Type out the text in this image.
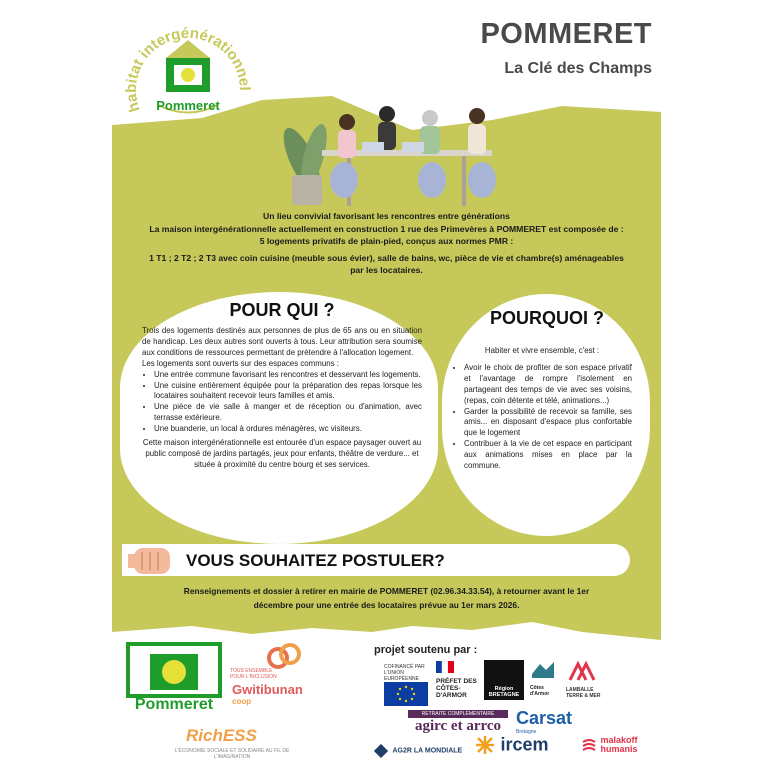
habitat intergénérationnel
Pommeret
POMMERET
La Clé des Champs
Un lieu convivial favorisant les rencontres entre générations
La maison intergénérationnelle actuellement en construction 1 rue des Primevères à POMMERET est composée de :
5 logements privatifs de plain-pied, conçus aux normes PMR :
1 T1 ; 2 T2 ; 2 T3 avec coin cuisine (meuble sous évier), salle de bains, wc, pièce de vie et chambre(s) aménageables
par les locataires.
POUR QUI ?
Trois des logements destinés aux personnes de plus de 65 ans ou en situation de handicap. Les deux autres sont ouverts à tous. Leur attribution sera soumise aux conditions de ressources permettant de prétendre à l'allocation logement.
Les logements sont ouverts sur des espaces communs :
• Une entrée commune favorisant les rencontres et desservant les logements.
• Une cuisine entièrement équipée pour la préparation des repas lorsque les locataires souhaitent recevoir leurs familles et amis.
• Une pièce de vie salle à manger et de réception ou d'animation, avec terrasse extérieure.
• Une buanderie, un local à ordures ménagères, wc visiteurs.
Cette maison intergénérationnelle est entourée d'un espace paysager ouvert au public composé de jardins partagés, jeux pour enfants, théâtre de verdure... et située à proximité du centre bourg et ses services.
POURQUOI ?
Habiter et vivre ensemble, c'est :
• Avoir le choix de profiter de son espace privatif et l'avantage de rompre l'isolement en partageant des temps de vie avec ses voisins, (repas, coin détente et télé, animations...)
• Garder la possibilité de recevoir sa famille, ses amis... en disposant d'espace plus confortable que le logement
• Contribuer à la vie de cet espace en participant aux animations mises en place par la commune.
VOUS SOUHAITEZ POSTULER?
Renseignements et dossier à retirer en mairie de POMMERET (02.96.34.33.54), à retourner avant le 1er
décembre pour une entrée des locataires prévue au 1er mars 2026.
Pommeret
TOUS ENSEMBLE POUR L'INCLUSION
Gwitibunan
coop
RichESS
L'ÉCONOMIE SOCIALE ET SOLIDAIRE AU FIL DE L'IMAGINATION
projet soutenu par :
COFINANCÉ PAR L'UNION EUROPÉENNE	PRÉFET DES CÔTES-D'ARMOR
Région BRETAGNE
Côtes d'Armor
LAMBALLE TERRE & MER
RETRAITE COMPLÉMENTAIRE
agirc et arrco Carsat
Bretagne
AG2R LA MONDIALE	ircem	malakoff
humanis
